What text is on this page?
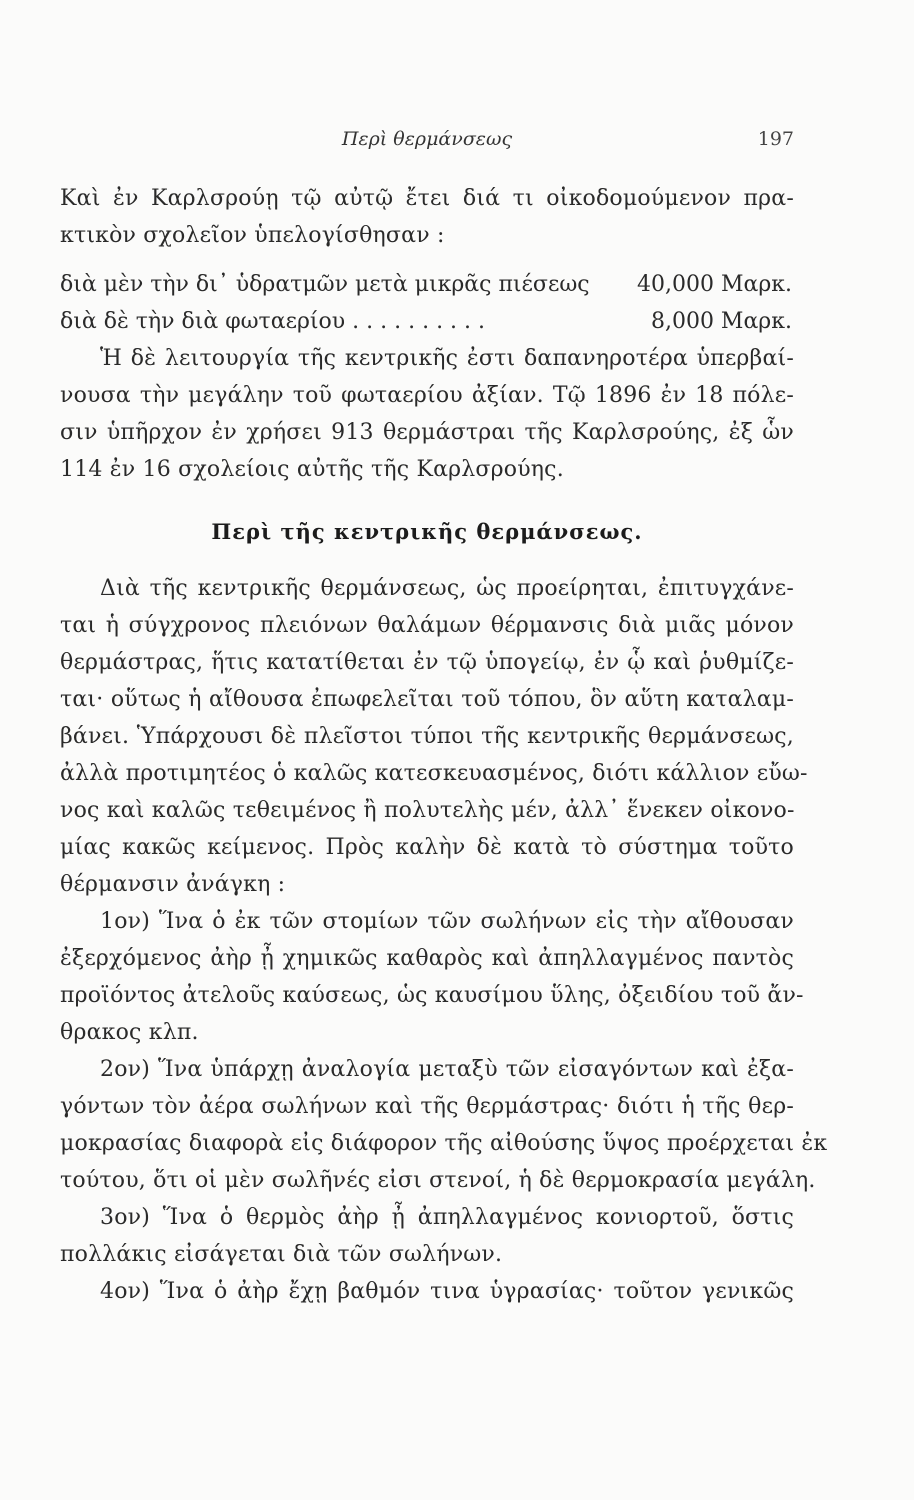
Περὶ θερμάνσεως	197
Καὶ ἐν Καρλσρούῃ τῷ αὐτῷ ἔτει διά τι οἰκοδομούμενον πρα-
κτικὸν σχολεῖον ὑπελογίσθησαν :
διὰ μὲν τὴν δι᾽ ὑδρατμῶν μετὰ μικρᾶς πιέσεως 40,000 Μαρκ.
διὰ δὲ τὴν διὰ φωταερίου . . . . . . . . . .	8,000 Μαρκ.
Ἡ δὲ λειτουργία τῆς κεντρικῆς ἐστι δαπανηροτέρα ὑπερβαί-
νουσα τὴν μεγάλην τοῦ φωταερίου ἀξίαν. Τῷ 1896 ἐν 18 πόλε-
σιν ὑπῆρχον ἐν χρήσει 913 θερμάστραι τῆς Καρλσρούης, ἐξ ὧν
114 ἐν 16 σχολείοις αὐτῆς τῆς Καρλσρούης.
Περὶ τῆς κεντρικῆς θερμάνσεως.
Διὰ τῆς κεντρικῆς θερμάνσεως, ὡς προείρηται, ἐπιτυγχάνε-
ται ἡ σύγχρονος πλειόνων θαλάμων θέρμανσις διὰ μιᾶς μόνον
θερμάστρας, ἥτις κατατίθεται ἐν τῷ ὑπογείῳ, ἐν ᾧ καὶ ῥυθμίζε-
ται· οὕτως ἡ αἴθουσα ἐπωφελεῖται τοῦ τόπου, ὃν αὕτη καταλαμ-
βάνει. Ὑπάρχουσι δὲ πλεῖστοι τύποι τῆς κεντρικῆς θερμάνσεως,
ἀλλὰ προτιμητέος ὁ καλῶς κατεσκευασμένος, διότι κάλλιον εὔω-
νος καὶ καλῶς τεθειμένος ἢ πολυτελὴς μέν, ἀλλ᾽ ἕνεκεν οἰκονο-
μίας κακῶς κείμενος. Πρὸς καλὴν δὲ κατὰ τὸ σύστημα τοῦτο
θέρμανσιν ἀνάγκη :
1ον) Ἵνα ὁ ἐκ τῶν στομίων τῶν σωλήνων εἰς τὴν αἴθουσαν
ἐξερχόμενος ἀὴρ ᾖ χημικῶς καθαρὸς καὶ ἀπηλλαγμένος παντὸς
προϊόντος ἀτελοῦς καύσεως, ὡς καυσίμου ὕλης, ὀξειδίου τοῦ ἄν-
θρακος κλπ.
2ον) Ἵνα ὑπάρχῃ ἀναλογία μεταξὺ τῶν εἰσαγόντων καὶ ἐξα-
γόντων τὸν ἀέρα σωλήνων καὶ τῆς θερμάστρας· διότι ἡ τῆς θερ-
μοκρασίας διαφορὰ εἰς διάφορον τῆς αἰθούσης ὕψος προέρχεται ἐκ
τούτου, ὅτι οἱ μὲν σωλῆνές εἰσι στενοί, ἡ δὲ θερμοκρασία μεγάλη.
3ον) Ἵνα ὁ θερμὸς ἀὴρ ᾖ ἀπηλλαγμένος κονιορτοῦ, ὅστις
πολλάκις εἰσάγεται διὰ τῶν σωλήνων.
4ον) Ἵνα ὁ ἀὴρ ἔχῃ βαθμόν τινα ὑγρασίας· τοῦτον γενικῶς
